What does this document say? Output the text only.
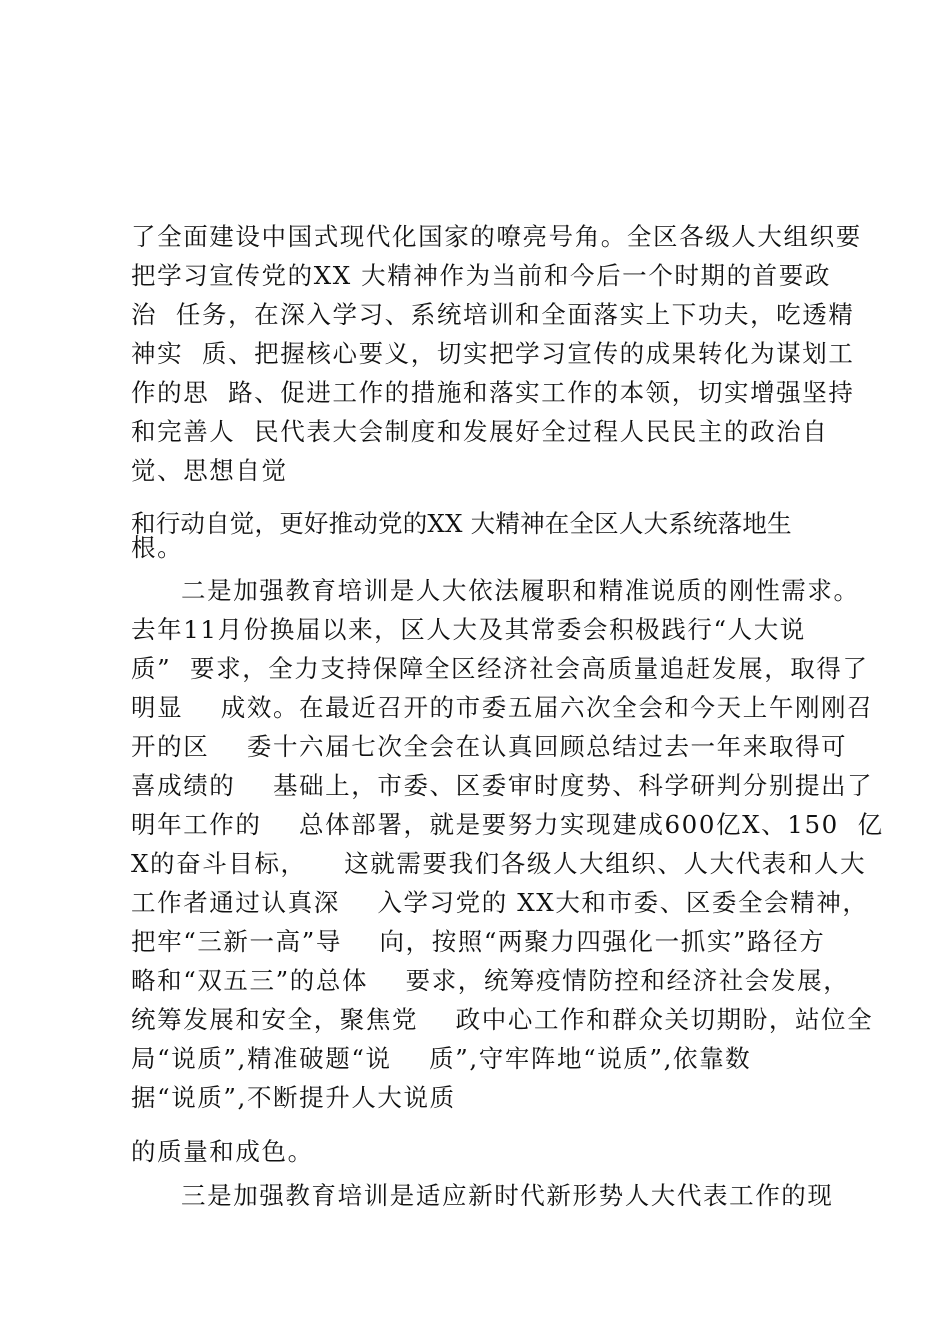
了全面建设中国式现代化国家的嘹亮号角。全区各级人大组织要
把学习宣传党的XX 大精神作为当前和今后一个时期的首要政
治  任务，在深入学习、系统培训和全面落实上下功夫，吃透精
神实  质、把握核心要义，切实把学习宣传的成果转化为谋划工
作的思  路、促进工作的措施和落实工作的本领，切实增强坚持
和完善人  民代表大会制度和发展好全过程人民民主的政治自
觉、思想自觉
和行动自觉，更好推动党的XX 大精神在全区人大系统落地生
根。
二是加强教育培训是人大依法履职和精准说质的刚性需求。
去年11月份换届以来，区人大及其常委会积极践行“人大说
质”  要求，全力支持保障全区经济社会高质量追赶发展，取得了
明显    成效。在最近召开的市委五届六次全会和今天上午刚刚召
开的区    委十六届七次全会在认真回顾总结过去一年来取得可
喜成绩的    基础上，市委、区委审时度势、科学研判分别提出了
明年工作的    总体部署，就是要努力实现建成600亿X、150  亿
X的奋斗目标，    这就需要我们各级人大组织、人大代表和人大
工作者通过认真深    入学习党的 XX大和市委、区委全会精神，
把牢“三新一高”导    向，按照“两聚力四强化一抓实”路径方
略和“双五三”的总体    要求，统筹疫情防控和经济社会发展，
统筹发展和安全，聚焦党    政中心工作和群众关切期盼，站位全
局“说质”,精准破题“说    质”,守牢阵地“说质”,依靠数
据“说质”,不断提升人大说质
的质量和成色。
三是加强教育培训是适应新时代新形势人大代表工作的现
